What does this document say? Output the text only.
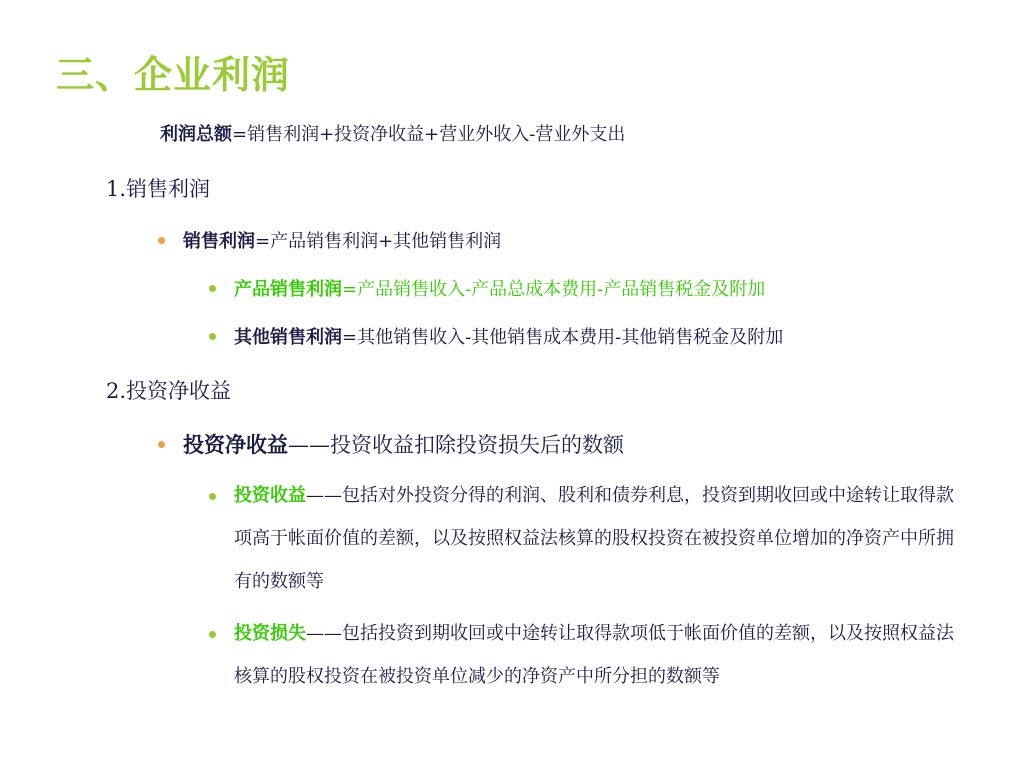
三、企业利润
利润总额=销售利润+投资净收益+营业外收入-营业外支出
1.销售利润
销售利润=产品销售利润+其他销售利润
产品销售利润=产品销售收入-产品总成本费用-产品销售税金及附加
其他销售利润=其他销售收入-其他销售成本费用-其他销售税金及附加
2.投资净收益
投资净收益——投资收益扣除投资损失后的数额
投资收益——包括对外投资分得的利润、股利和债券利息，投资到期收回或中途转让取得款项高于帐面价值的差额，以及按照权益法核算的股权投资在被投资单位增加的净资产中所拥有的数额等
投资损失——包括投资到期收回或中途转让取得款项低于帐面价值的差额，以及按照权益法核算的股权投资在被投资单位减少的净资产中所分担的数额等
